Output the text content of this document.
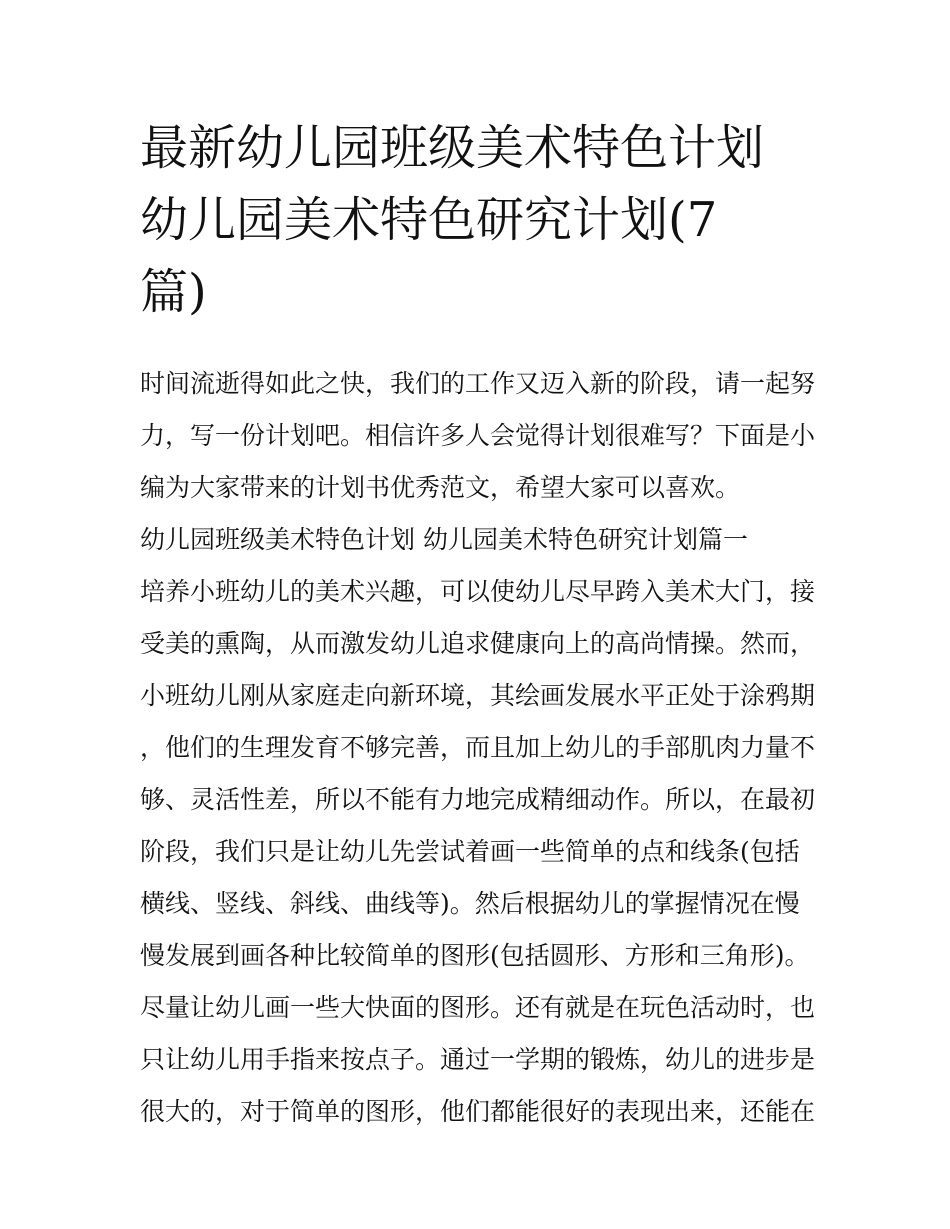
最新幼儿园班级美术特色计划
幼儿园美术特色研究计划(7
篇)

时间流逝得如此之快，我们的工作又迈入新的阶段，请一起努
力，写一份计划吧。相信许多人会觉得计划很难写？下面是小
编为大家带来的计划书优秀范文，希望大家可以喜欢。

幼儿园班级美术特色计划 幼儿园美术特色研究计划篇一

培养小班幼儿的美术兴趣，可以使幼儿尽早跨入美术大门，接
受美的熏陶，从而激发幼儿追求健康向上的高尚情操。然而，
小班幼儿刚从家庭走向新环境，其绘画发展水平正处于涂鸦期
，他们的生理发育不够完善，而且加上幼儿的手部肌肉力量不
够、灵活性差，所以不能有力地完成精细动作。所以，在最初
阶段，我们只是让幼儿先尝试着画一些简单的点和线条(包括
横线、竖线、斜线、曲线等)。然后根据幼儿的掌握情况在慢
慢发展到画各种比较简单的图形(包括圆形、方形和三角形)。
尽量让幼儿画一些大快面的图形。还有就是在玩色活动时，也
只让幼儿用手指来按点子。通过一学期的锻炼，幼儿的进步是
很大的，对于简单的图形，他们都能很好的表现出来，还能在
